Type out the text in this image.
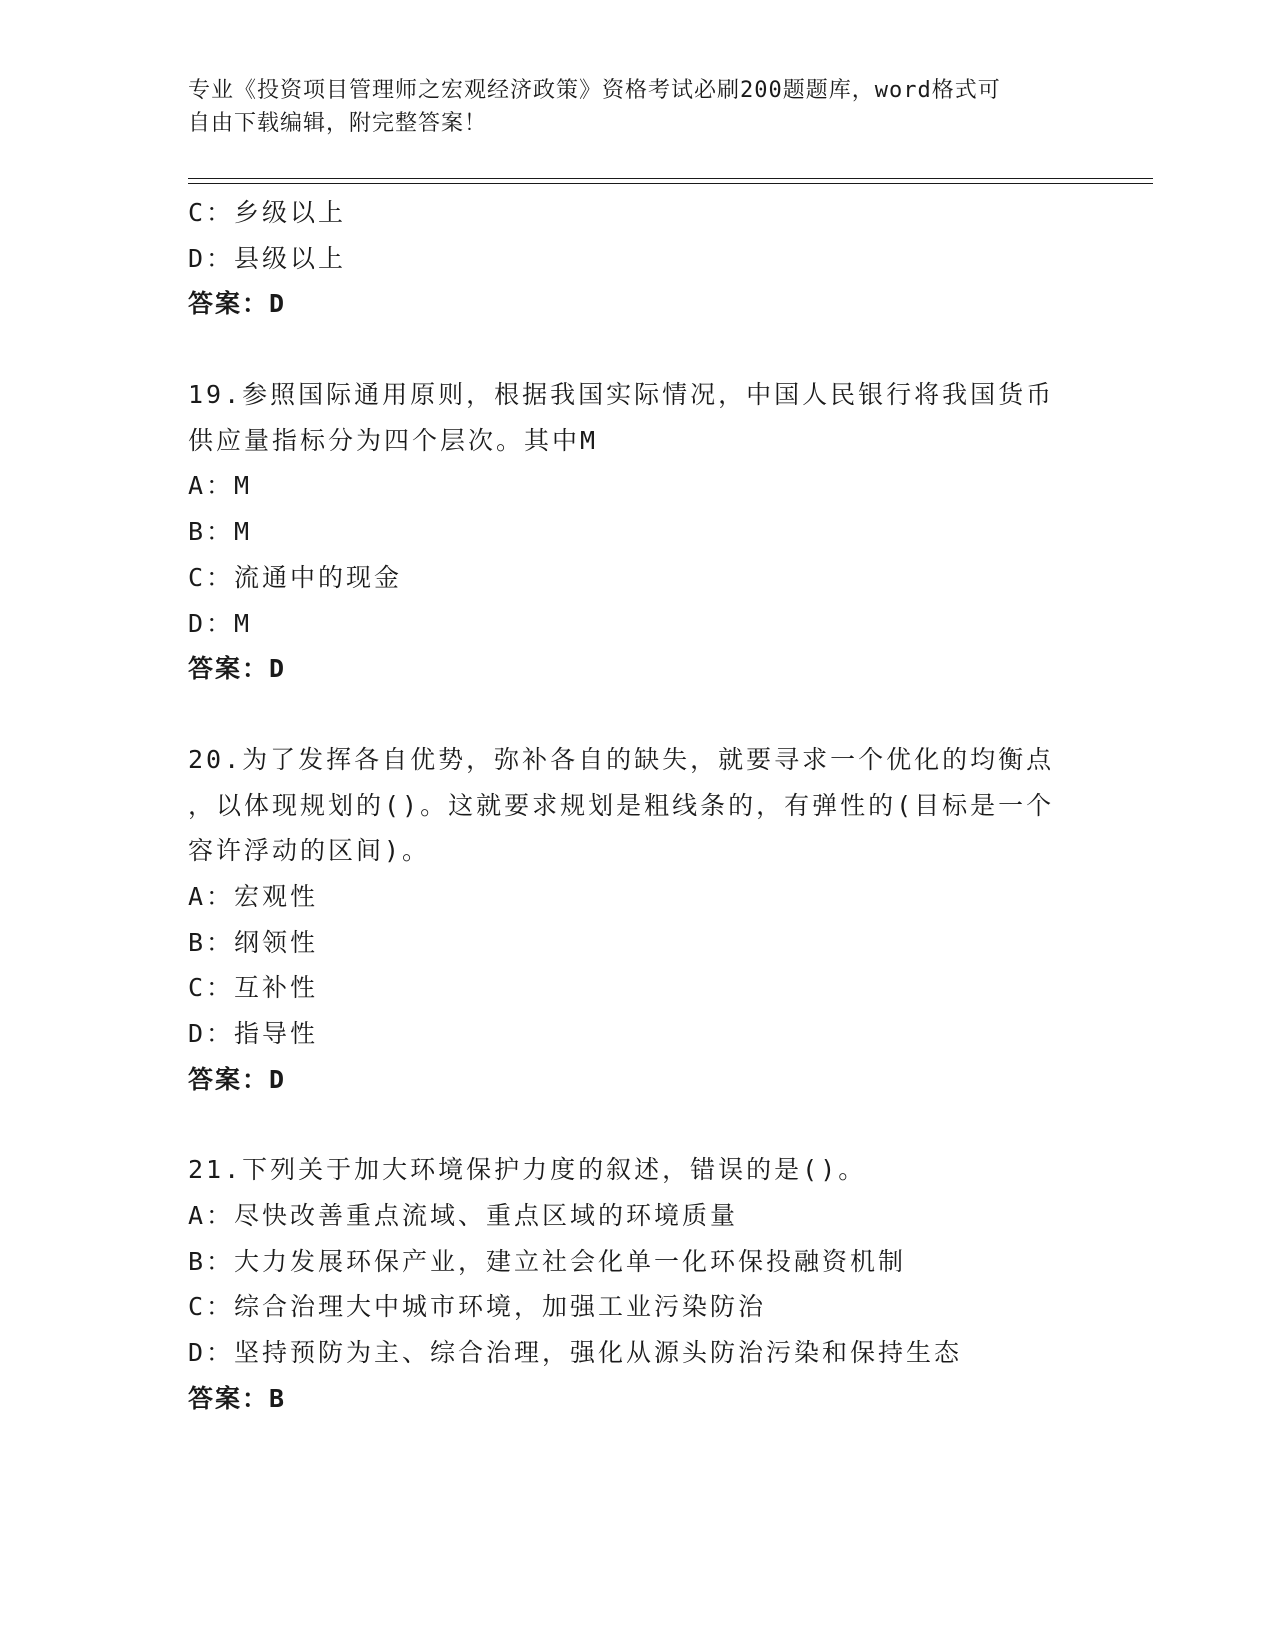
专业《投资项目管理师之宏观经济政策》资格考试必刷200题题库，word格式可
自由下载编辑，附完整答案！
C：乡级以上
D：县级以上
答案：D
19.参照国际通用原则，根据我国实际情况，中国人民银行将我国货币
供应量指标分为四个层次。其中M
A：M
B：M
C：流通中的现金
D：M
答案：D
20.为了发挥各自优势，弥补各自的缺失，就要寻求一个优化的均衡点
，以体现规划的()。这就要求规划是粗线条的，有弹性的(目标是一个
容许浮动的区间)。
A：宏观性
B：纲领性
C：互补性
D：指导性
答案：D
21.下列关于加大环境保护力度的叙述，错误的是()。
A：尽快改善重点流域、重点区域的环境质量
B：大力发展环保产业，建立社会化单一化环保投融资机制
C：综合治理大中城市环境，加强工业污染防治
D：坚持预防为主、综合治理，强化从源头防治污染和保持生态
答案：B
